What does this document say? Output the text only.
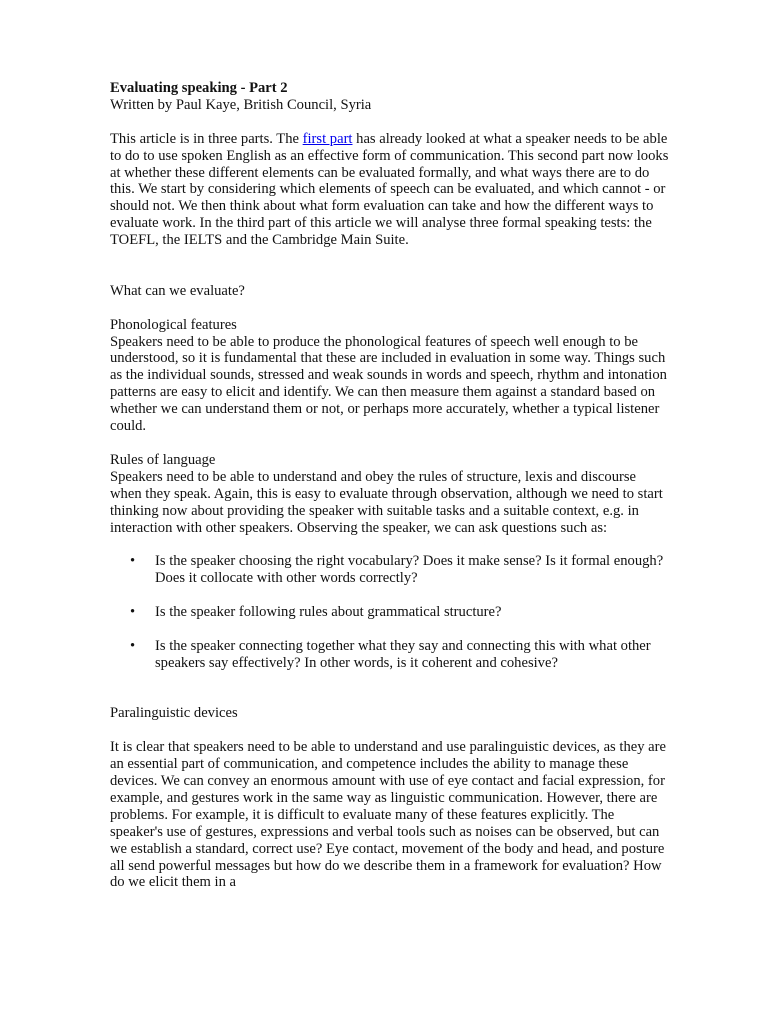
Evaluating speaking - Part 2

Written by Paul Kaye, British Council, Syria

This article is in three parts. The first part has already looked at what a speaker needs to be able to do to use spoken English as an effective form of communication. This second part now looks at whether these different elements can be evaluated formally, and what ways there are to do this. We start by considering which elements of speech can be evaluated, and which cannot - or should not. We then think about what form evaluation can take and how the different ways to evaluate work. In the third part of this article we will analyse three formal speaking tests: the TOEFL, the IELTS and the Cambridge Main Suite.

What can we evaluate?

Phonological features

Speakers need to be able to produce the phonological features of speech well enough to be understood, so it is fundamental that these are included in evaluation in some way. Things such as the individual sounds, stressed and weak sounds in words and speech, rhythm and intonation patterns are easy to elicit and identify. We can then measure them against a standard based on whether we can understand them or not, or perhaps more accurately, whether a typical listener could.

Rules of language

Speakers need to be able to understand and obey the rules of structure, lexis and discourse when they speak. Again, this is easy to evaluate through observation, although we need to start thinking now about providing the speaker with suitable tasks and a suitable context, e.g. in interaction with other speakers. Observing the speaker, we can ask questions such as:

• Is the speaker choosing the right vocabulary? Does it make sense? Is it formal enough? Does it collocate with other words correctly?
• Is the speaker following rules about grammatical structure?
• Is the speaker connecting together what they say and connecting this with what other speakers say effectively? In other words, is it coherent and cohesive?

Paralinguistic devices

It is clear that speakers need to be able to understand and use paralinguistic devices, as they are an essential part of communication, and competence includes the ability to manage these devices. We can convey an enormous amount with use of eye contact and facial expression, for example, and gestures work in the same way as linguistic communication. However, there are problems. For example, it is difficult to evaluate many of these features explicitly. The speaker's use of gestures, expressions and verbal tools such as noises can be observed, but can we establish a standard, correct use? Eye contact, movement of the body and head, and posture all send powerful messages but how do we describe them in a framework for evaluation? How do we elicit them in a
